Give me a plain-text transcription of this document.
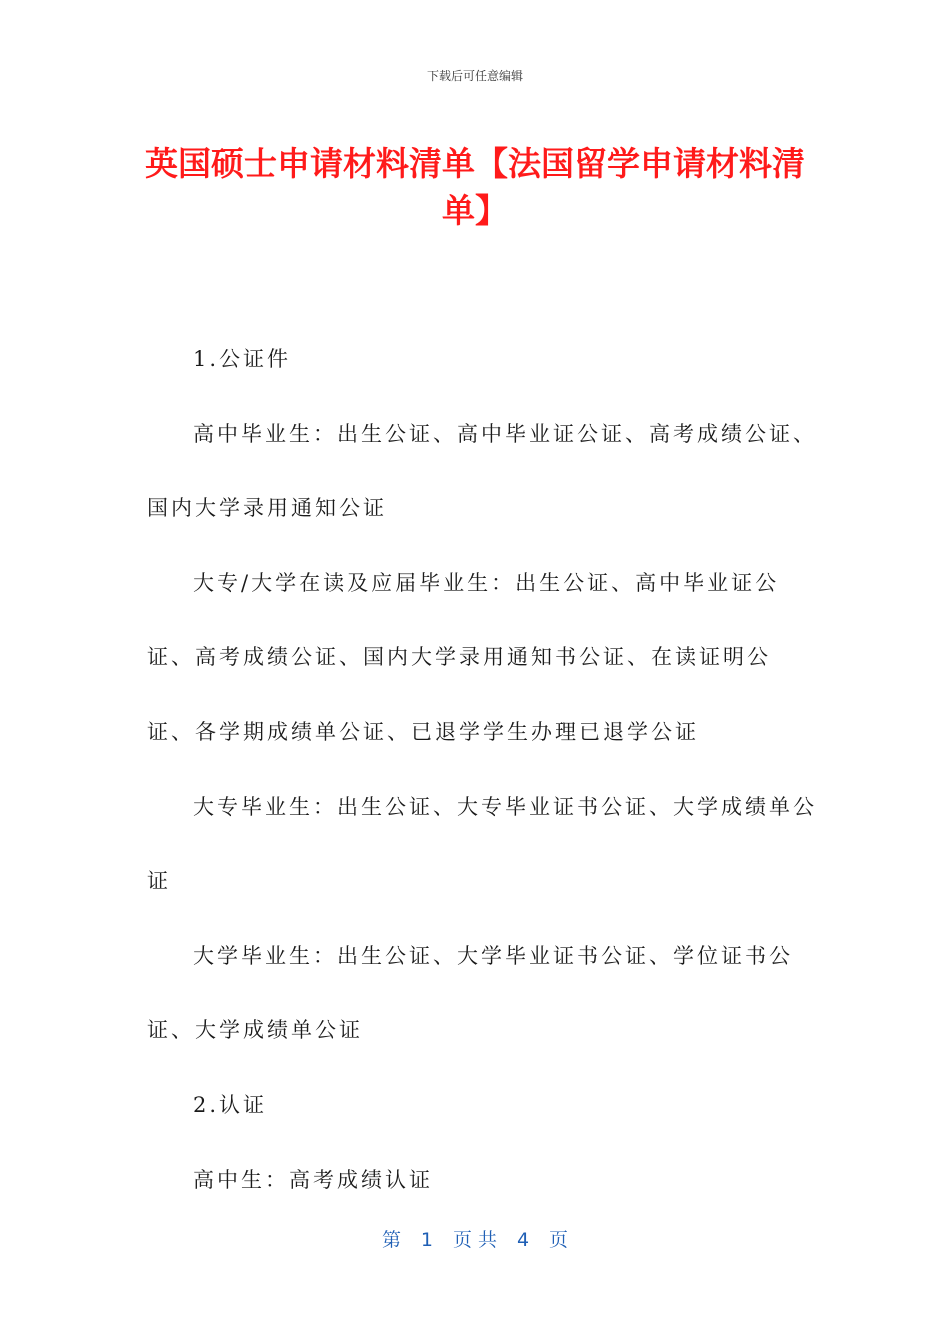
下载后可任意编辑
英国硕士申请材料清单【法国留学申请材料清单】

1.公证件

高中毕业生：出生公证、高中毕业证公证、高考成绩公证、国内大学录用通知公证

大专/大学在读及应届毕业生：出生公证、高中毕业证公证、高考成绩公证、国内大学录用通知书公证、在读证明公证、各学期成绩单公证、已退学学生办理已退学公证

大专毕业生：出生公证、大专毕业证书公证、大学成绩单公证

大学毕业生：出生公证、大学毕业证书公证、学位证书公证、大学成绩单公证

2.认证

高中生：高考成绩认证

第 1 页 共 4 页
